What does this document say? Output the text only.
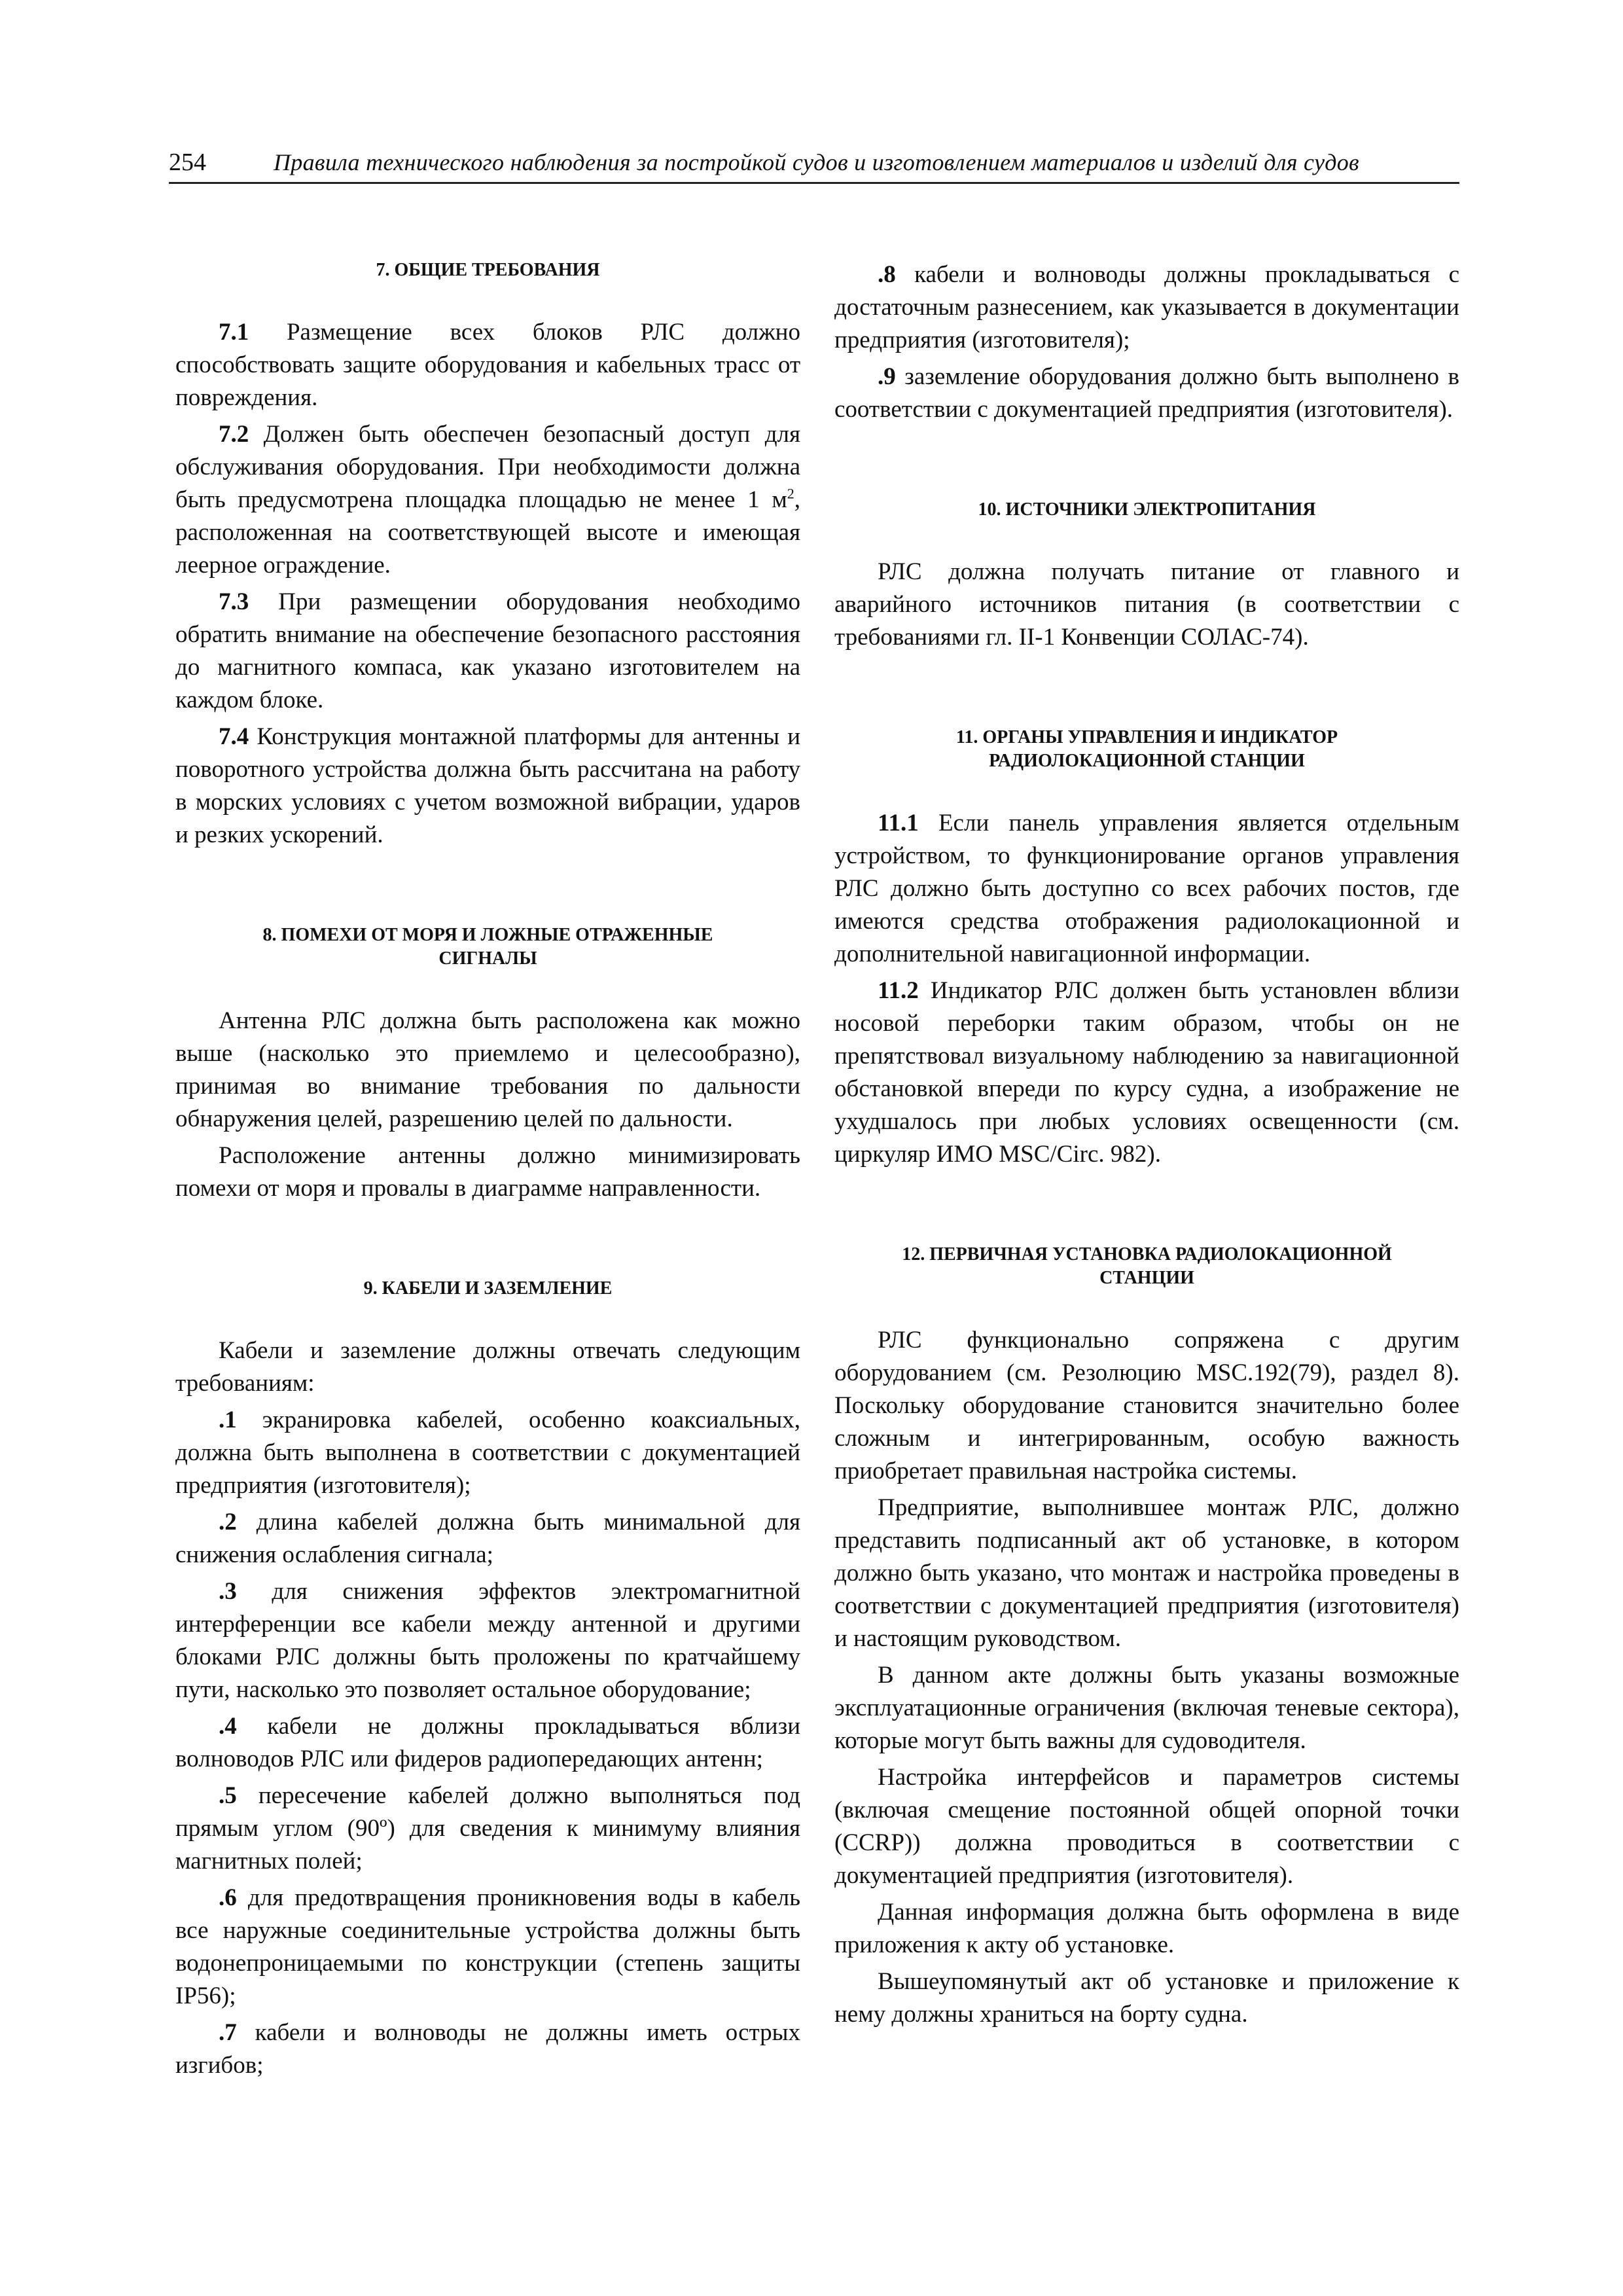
254	Правила технического наблюдения за постройкой судов и изготовлением материалов и изделий для судов
7. ОБЩИЕ ТРЕБОВАНИЯ

7.1 Размещение всех блоков РЛС должно способствовать защите оборудования и кабельных трасс от повреждения.

7.2 Должен быть обеспечен безопасный доступ для обслуживания оборудования. При необходимости должна быть предусмотрена площадка площадью не менее 1 $м^2$, расположенная на соответствующей высоте и имеющая леерное ограждение.

7.3 При размещении оборудования необходимо обратить внимание на обеспечение безопасного расстояния до магнитного компаса, как указано изготовителем на каждом блоке.

7.4 Конструкция монтажной платформы для антенны и поворотного устройства должна быть рассчитана на работу в морских условиях с учетом возможной вибрации, ударов и резких ускорений.

8. ПОМЕХИ ОТ МОРЯ И ЛОЖНЫЕ ОТРАЖЕННЫЕ
СИГНАЛЫ

Антенна РЛС должна быть расположена как можно выше (насколько это приемлемо и целесообразно), принимая во внимание требования по дальности обнаружения целей, разрешению целей по дальности.

Расположение антенны должно минимизировать помехи от моря и провалы в диаграмме направленности.

9. КАБЕЛИ И ЗАЗЕМЛЕНИЕ

Кабели и заземление должны отвечать следующим требованиям:

.1 экранировка кабелей, особенно коаксиальных, должна быть выполнена в соответствии с документацией предприятия (изготовителя);

.2 длина кабелей должна быть минимальной для снижения ослабления сигнала;

.3 для снижения эффектов электромагнитной интерференции все кабели между антенной и другими блоками РЛС должны быть проложены по кратчайшему пути, насколько это позволяет остальное оборудование;

.4 кабели не должны прокладываться вблизи волноводов РЛС или фидеров радиопередающих антенн;

.5 пересечение кабелей должно выполняться под прямым углом (90º) для сведения к минимуму влияния магнитных полей;

.6 для предотвращения проникновения воды в кабель все наружные соединительные устройства должны быть водонепроницаемыми по конструкции (степень защиты IP56);

.7 кабели и волноводы не должны иметь острых изгибов;

.8 кабели и волноводы должны прокладываться с достаточным разнесением, как указывается в документации предприятия (изготовителя);

.9 заземление оборудования должно быть выполнено в соответствии с документацией предприятия (изготовителя).

10. ИСТОЧНИКИ ЭЛЕКТРОПИТАНИЯ

РЛС должна получать питание от главного и аварийного источников питания (в соответствии с требованиями гл. II-1 Конвенции СОЛАС-74).

11. ОРГАНЫ УПРАВЛЕНИЯ И ИНДИКАТОР
РАДИОЛОКАЦИОННОЙ СТАНЦИИ

11.1 Если панель управления является отдельным устройством, то функционирование органов управления РЛС должно быть доступно со всех рабочих постов, где имеются средства отображения радиолокационной и дополнительной навигационной информации.

11.2 Индикатор РЛС должен быть установлен вблизи носовой переборки таким образом, чтобы он не препятствовал визуальному наблюдению за навигационной обстановкой впереди по курсу судна, а изображение не ухудшалось при любых условиях освещенности (см. циркуляр ИМО MSC/Circ. 982).

12. ПЕРВИЧНАЯ УСТАНОВКА РАДИОЛОКАЦИОННОЙ
СТАНЦИИ

РЛС функционально сопряжена с другим оборудованием (см. Резолюцию MSC.192(79), раздел 8). Поскольку оборудование становится значительно более сложным и интегрированным, особую важность приобретает правильная настройка системы.

Предприятие, выполнившее монтаж РЛС, должно представить подписанный акт об установке, в котором должно быть указано, что монтаж и настройка проведены в соответствии с документацией предприятия (изготовителя) и настоящим руководством.

В данном акте должны быть указаны возможные эксплуатационные ограничения (включая теневые сектора), которые могут быть важны для судоводителя.

Настройка интерфейсов и параметров системы (включая смещение постоянной общей опорной точки (CCRP)) должна проводиться в соответствии с документацией предприятия (изготовителя).

Данная информация должна быть оформлена в виде приложения к акту об установке.

Вышеупомянутый акт об установке и приложение к нему должны храниться на борту судна.
